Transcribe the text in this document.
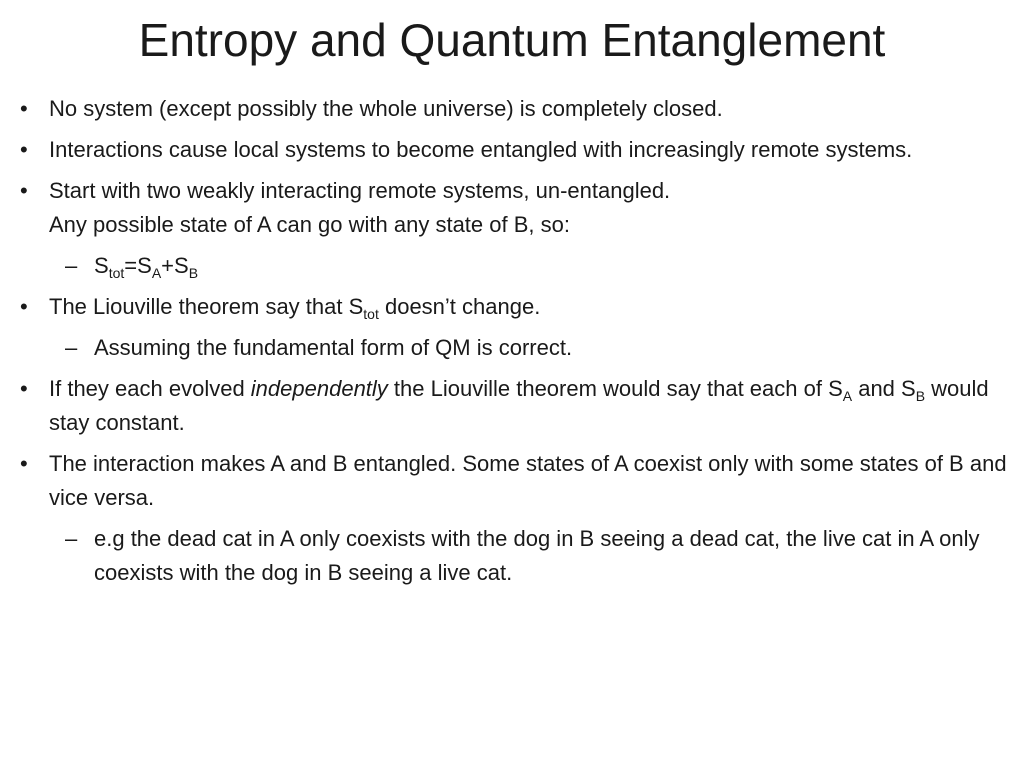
Entropy and Quantum Entanglement
• No system (except possibly the whole universe) is completely closed.
• Interactions cause local systems to become entangled with increasingly remote systems.
• Start with two weakly interacting remote systems, un-entangled.
Any possible state of A can go with any state of B, so:
– $S_{tot}=S_A+S_B$
• The Liouville theorem say that $S_{tot}$ doesn’t change.
– Assuming the fundamental form of QM is correct.
• If they each evolved independently the Liouville theorem would say that each of $S_A$ and $S_B$ would stay constant.
• The interaction makes A and B entangled. Some states of A coexist only with some states of B and vice versa.
– e.g the dead cat in A only coexists with the dog in B seeing a dead cat, the live cat in A only coexists with the dog in B seeing a live cat.
